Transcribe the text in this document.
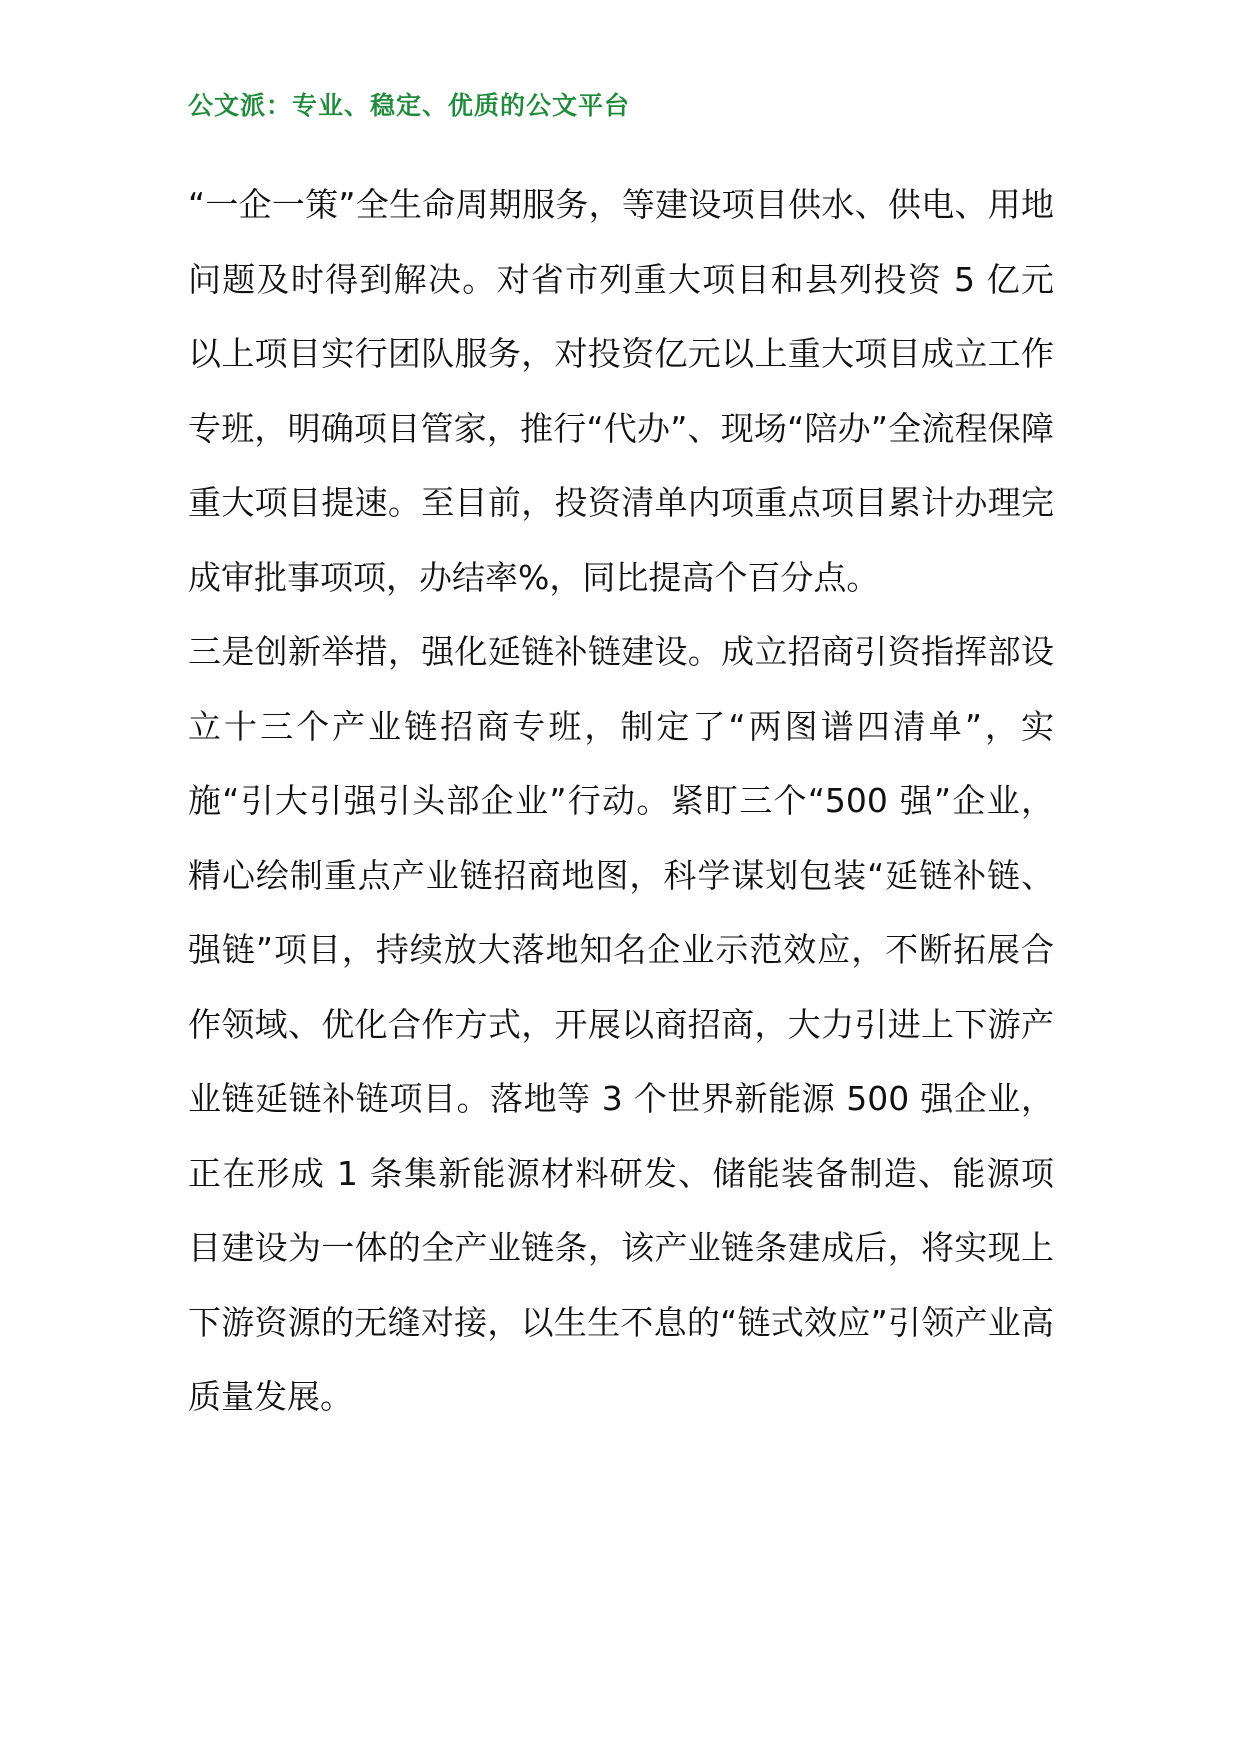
公文派：专业、稳定、优质的公文平台

“一企一策”全生命周期服务，等建设项目供水、供电、用地问题及时得到解决。对省市列重大项目和县列投资 5 亿元以上项目实行团队服务，对投资亿元以上重大项目成立工作专班，明确项目管家，推行“代办”、现场“陪办”全流程保障重大项目提速。至目前，投资清单内项重点项目累计办理完成审批事项项，办结率%，同比提高个百分点。

三是创新举措，强化延链补链建设。成立招商引资指挥部设立十三个产业链招商专班，制定了“两图谱四清单”，实施“引大引强引头部企业”行动。紧盯三个“500 强”企业，精心绘制重点产业链招商地图，科学谋划包装“延链补链、强链”项目，持续放大落地知名企业示范效应，不断拓展合作领域、优化合作方式，开展以商招商，大力引进上下游产业链延链补链项目。落地等 3 个世界新能源 500 强企业，正在形成 1 条集新能源材料研发、储能装备制造、能源项目建设为一体的全产业链条，该产业链条建成后，将实现上下游资源的无缝对接，以生生不息的“链式效应”引领产业高质量发展。
